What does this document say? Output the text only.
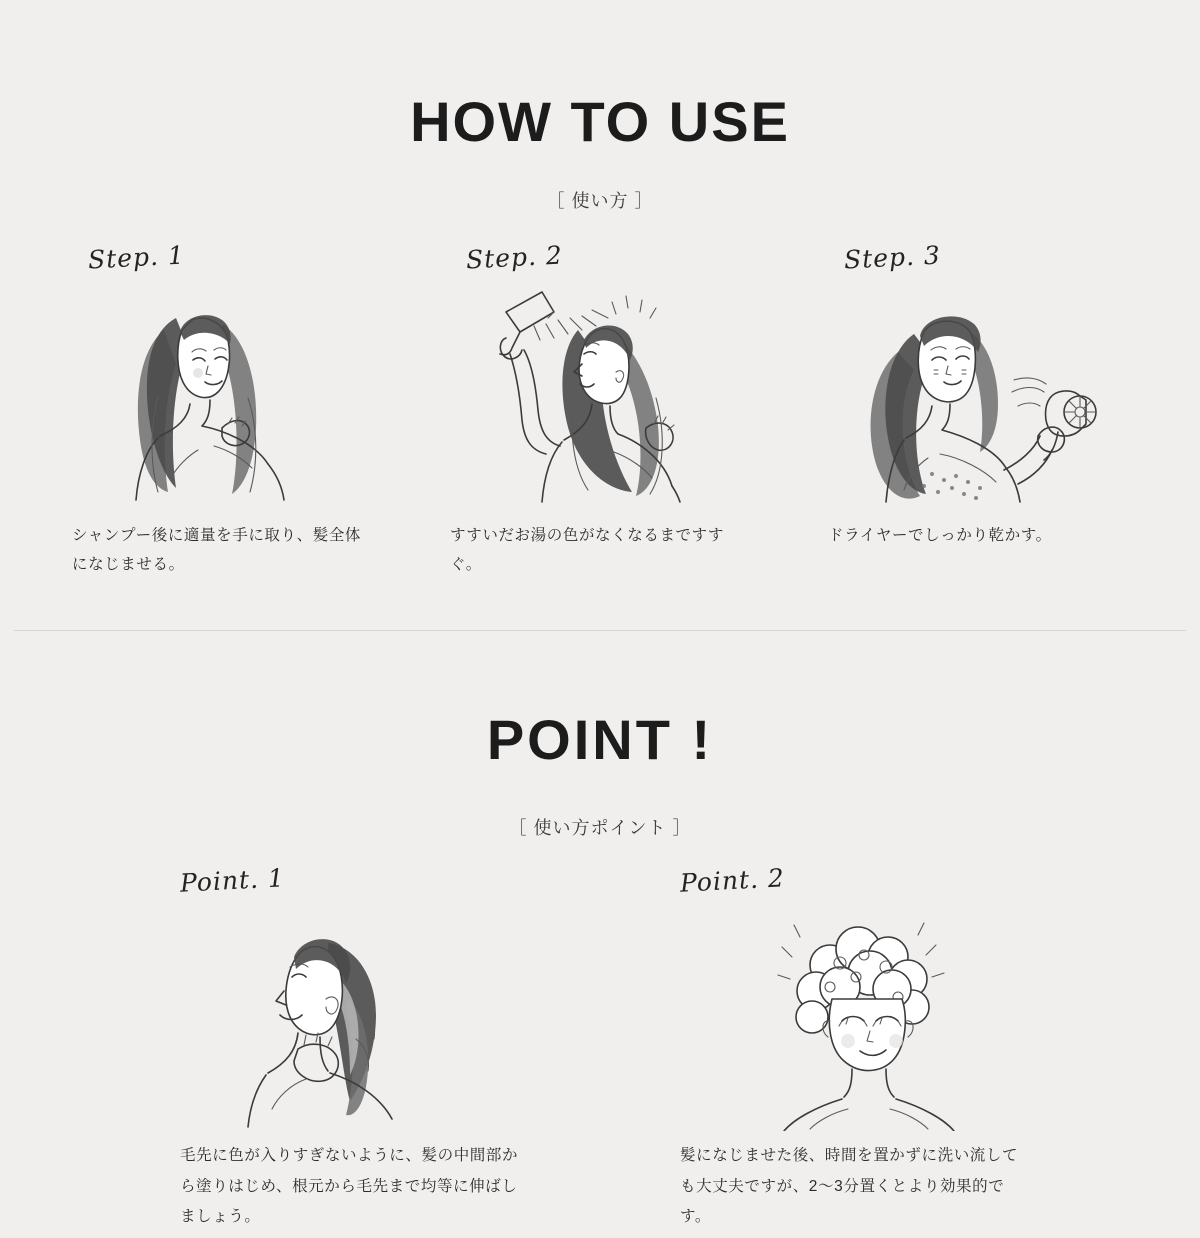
HOW TO USE
［ 使い方 ］
Step. 1
シャンプー後に適量を手に取り、髪全体になじませる。
Step. 2
すすいだお湯の色がなくなるまですすぐ。
Step. 3
ドライヤーでしっかり乾かす。
POINT !
［ 使い方ポイント ］
Point. 1
毛先に色が入りすぎないように、髪の中間部から塗りはじめ、根元から毛先まで均等に伸ばしましょう。
Point. 2
髪になじませた後、時間を置かずに洗い流しても大丈夫ですが、2〜3分置くとより効果的です。
